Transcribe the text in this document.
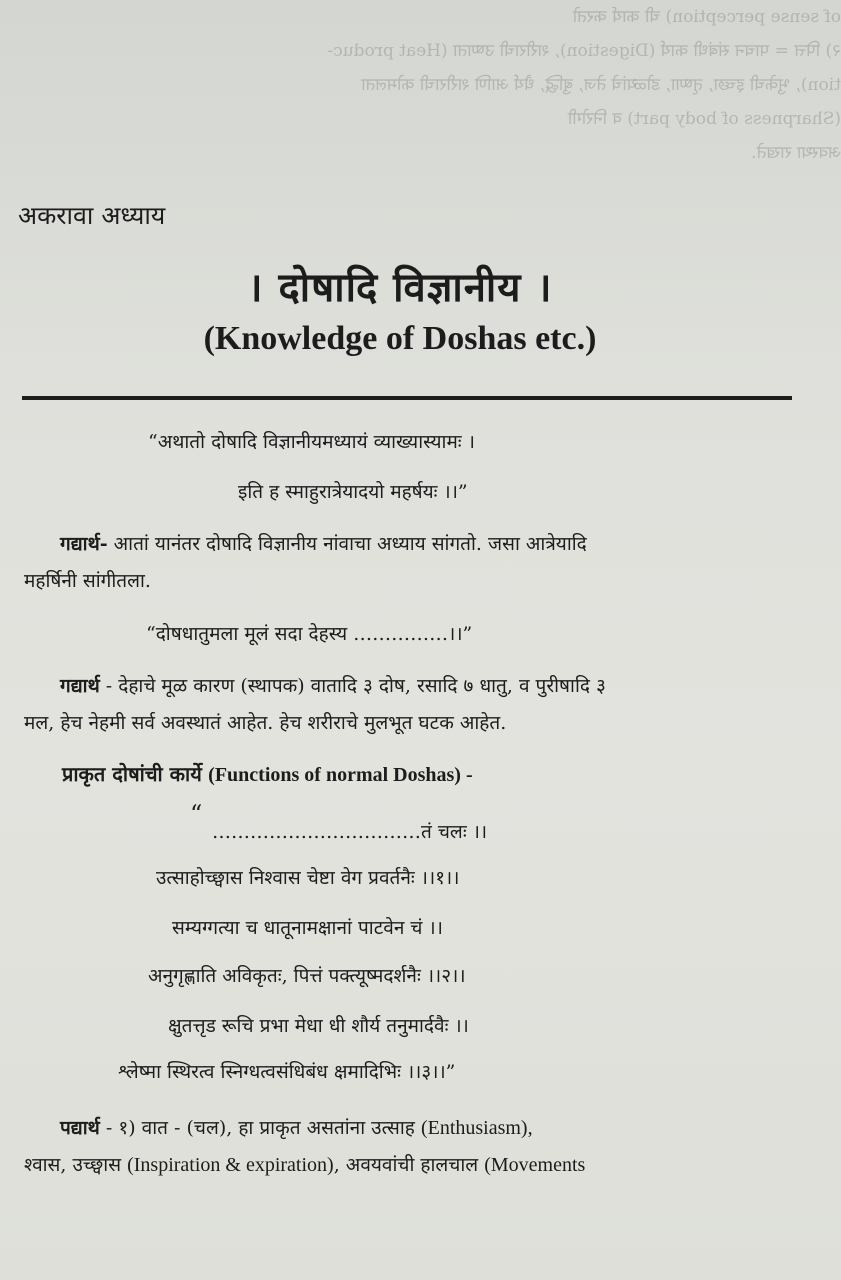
of sense perception) ची कार्य करतो
२) पित्त = पाचन संबंधी कार्य (Digestion), शरीराची उष्णता (Heat produc-
tion), भुकेची इच्छा, तृष्णा, डोळ्यांचे तेज, बुद्धि, धैर्य आणि शरीराची कोमलता
(Sharpness of body part) व निरोगी
अवस्था राखते.
अकरावा अध्याय
। दोषादि विज्ञानीय ।
(Knowledge of Doshas etc.)
“अथातो दोषादि विज्ञानीयमध्यायं व्याख्यास्यामः ।
इति ह स्माहुरात्रेयादयो महर्षयः ।।”
गद्यार्थ- आतां यानंतर दोषादि विज्ञानीय नांवाचा अध्याय सांगतो. जसा आत्रेयादि
महर्षिनी सांगीतला.
“दोषधातुमला मूलं सदा देहस्य ……………।।”
गद्यार्थ - देहाचे मूळ कारण (स्थापक) वातादि ३ दोष, रसादि ७ धातु, व पुरीषादि ३
मल, हेच नेहमी सर्व अवस्थातं आहेत. हेच शरीराचे मुलभूत घटक आहेत.
प्राकृत दोषांची कार्ये (Functions of normal Doshas) -
“
……………………………तं चलः ।।
उत्साहोच्छ्वास निश्वास चेष्टा वेग प्रवर्तनैः ।।१।।
सम्यग्गत्या च धातूनामक्षानां पाटवेन चं ।।
अनुगृह्णाति अविकृतः, पित्तं पक्त्यूष्मदर्शनैः ।।२।।
क्षुतत्तृड रूचि प्रभा मेधा धी शौर्य तनुमार्दवैः ।।
श्लेष्मा स्थिरत्व स्निग्धत्वसंधिबंध क्षमादिभिः ।।३।।”
पद्यार्थ - १) वात - (चल), हा प्राकृत असतांना उत्साह (Enthusiasm),
श्वास, उच्छ्वास (Inspiration & expiration), अवयवांची हालचाल (Movements
